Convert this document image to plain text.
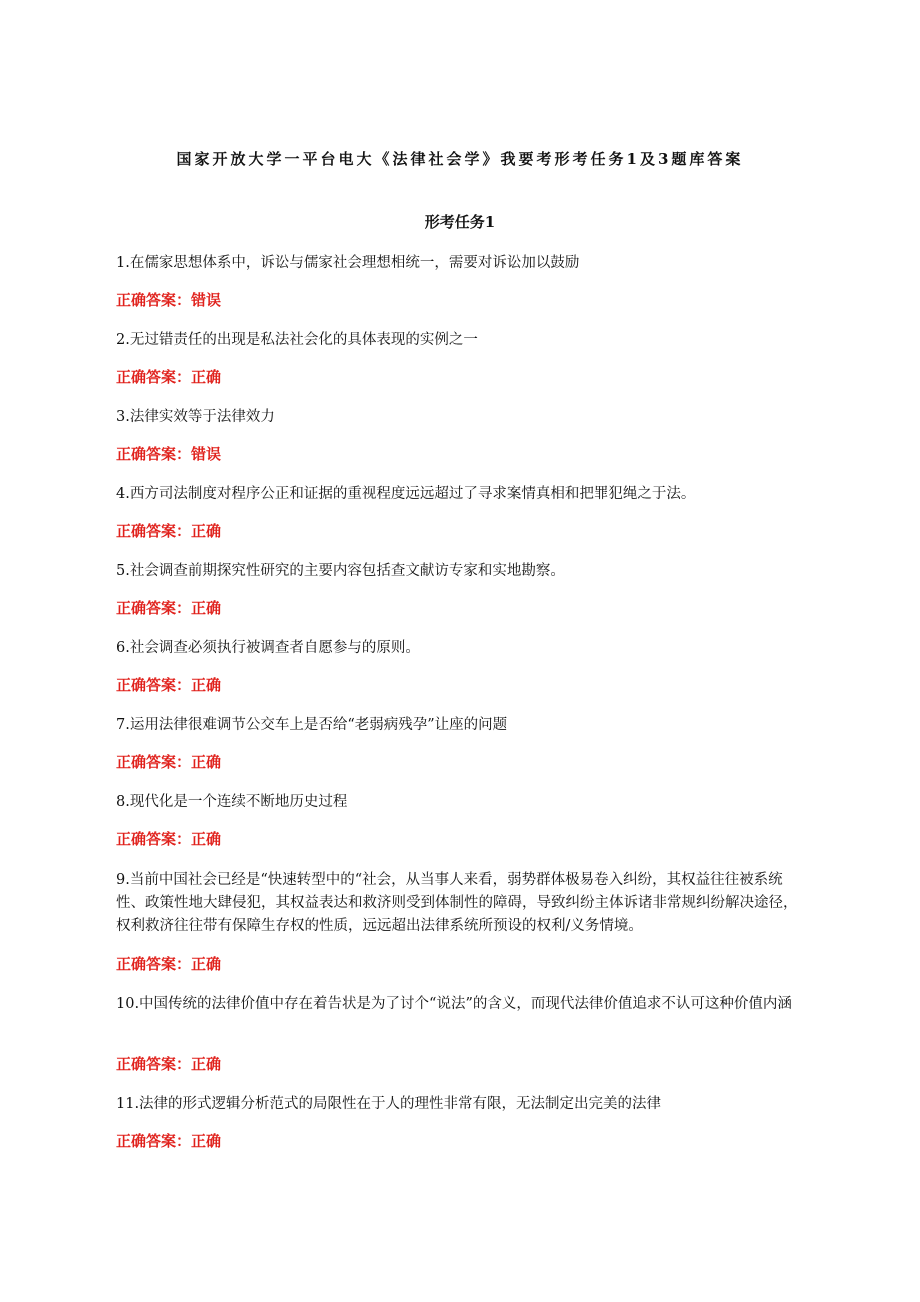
国家开放大学一平台电大《法律社会学》我要考形考任务1及3题库答案
形考任务1

1.在儒家思想体系中，诉讼与儒家社会理想相统一，需要对诉讼加以鼓励

正确答案：错误

2.无过错责任的出现是私法社会化的具体表现的实例之一

正确答案：正确

3.法律实效等于法律效力

正确答案：错误

4.西方司法制度对程序公正和证据的重视程度远远超过了寻求案情真相和把罪犯绳之于法。

正确答案：正确

5.社会调查前期探究性研究的主要内容包括查文献访专家和实地勘察。

正确答案：正确

6.社会调查必须执行被调查者自愿参与的原则。

正确答案：正确

7.运用法律很难调节公交车上是否给“老弱病残孕”让座的问题

正确答案：正确

8.现代化是一个连续不断地历史过程

正确答案：正确

9.当前中国社会已经是“快速转型中的“社会，从当事人来看，弱势群体极易卷入纠纷，其权益往往被系统性、政策性地大肆侵犯，其权益表达和救济则受到体制性的障碍，导致纠纷主体诉诸非常规纠纷解决途径，权利救济往往带有保障生存权的性质，远远超出法律系统所预设的权利/义务情境。

正确答案：正确

10.中国传统的法律价值中存在着告状是为了讨个“说法”的含义，而现代法律价值追求不认可这种价值内涵

正确答案：正确

11.法律的形式逻辑分析范式的局限性在于人的理性非常有限，无法制定出完美的法律

正确答案：正确
